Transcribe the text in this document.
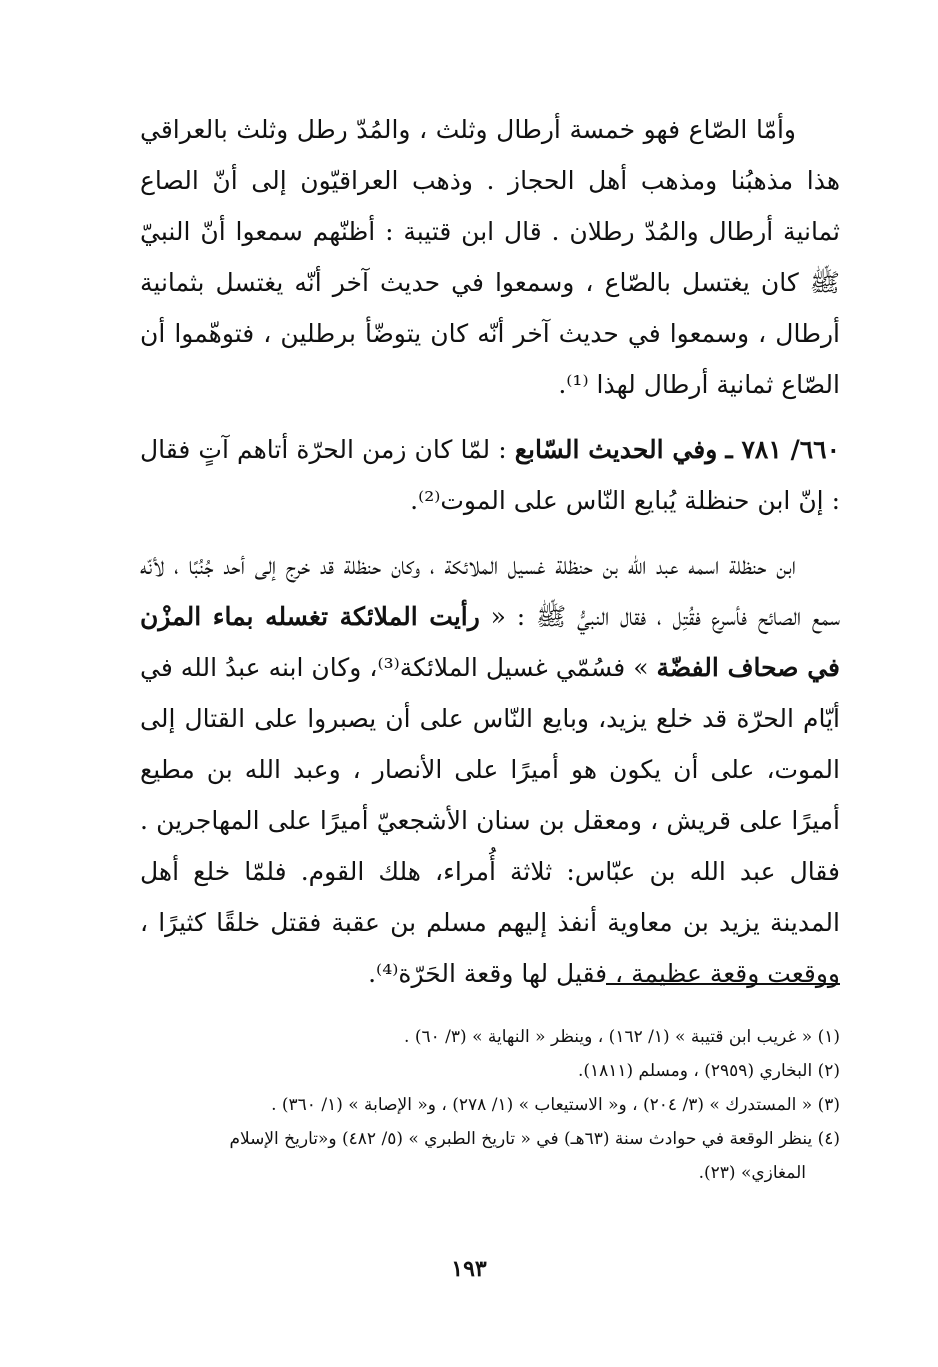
وأمّا الصّاع فهو خمسة أرطال وثلث ، والمُدّ رطل وثلث بالعراقي هذا مذهبُنا ومذهب أهل الحجاز . وذهب العراقيّون إلى أنّ الصاع ثمانية أرطال والمُدّ رطلان . قال ابن قتيبة : أظنّهم سمعوا أنّ النبيّ ﷺ كان يغتسل بالصّاع ، وسمعوا في حديث آخر أنّه يغتسل بثمانية أرطال ، وسمعوا في حديث آخر أنّه كان يتوضّأ برطلين ، فتوهّموا أن الصّاع ثمانية أرطال لهذا ⁽¹⁾.

٦٦٠/ ٧٨١ ـ وفي الحديث السّابع : لمّا كان زمن الحرّة أتاهم آتٍ فقال : إنّ ابن حنظلة يُبايع النّاس على الموت⁽²⁾.

ابن حنظلة اسمه عبد الله بن حنظلة غسيل الملائكة ، وكان حنظلة قد خرج إلى أحد جُنُبًا ، لأنّه سمع الصائح فأسرع فقُتِل ، فقال النبيُّ ﷺ : « رأيت الملائكة تغسله بماء المزْن في صحاف الفضّة » فسُمّي غسيل الملائكة⁽³⁾، وكان ابنه عبدُ الله في أيّام الحرّة قد خلع يزيد، وبايع النّاس على أن يصبروا على القتال إلى الموت، على أن يكون هو أميرًا على الأنصار ، وعبد الله بن مطيع أميرًا على قريش ، ومعقل بن سنان الأشجعيّ أميرًا على المهاجرين . فقال عبد الله بن عبّاس: ثلاثة أُمراء، هلك القوم. فلمّا خلع أهل المدينة يزيد بن معاوية أنفذ إليهم مسلم بن عقبة فقتل خلقًا كثيرًا ، ووقعت وقعة عظيمة ، فقيل لها وقعة الحَرّة⁽⁴⁾.

(١) « غريب ابن قتيبة » (١/ ١٦٢) ، وينظر « النهاية » (٣/ ٦٠) .

(٢) البخاري (٢٩٥٩) ، ومسلم (١٨١١).

(٣) « المستدرك » (٣/ ٢٠٤) ، و« الاستيعاب » (١/ ٢٧٨) ، و« الإصابة » (١/ ٣٦٠) .

(٤) ينظر الوقعة في حوادث سنة (٦٣هـ) في « تاريخ الطبري » (٥/ ٤٨٢) و«تاريخ الإسلام

المغازي» (٢٣).

١٩٣
